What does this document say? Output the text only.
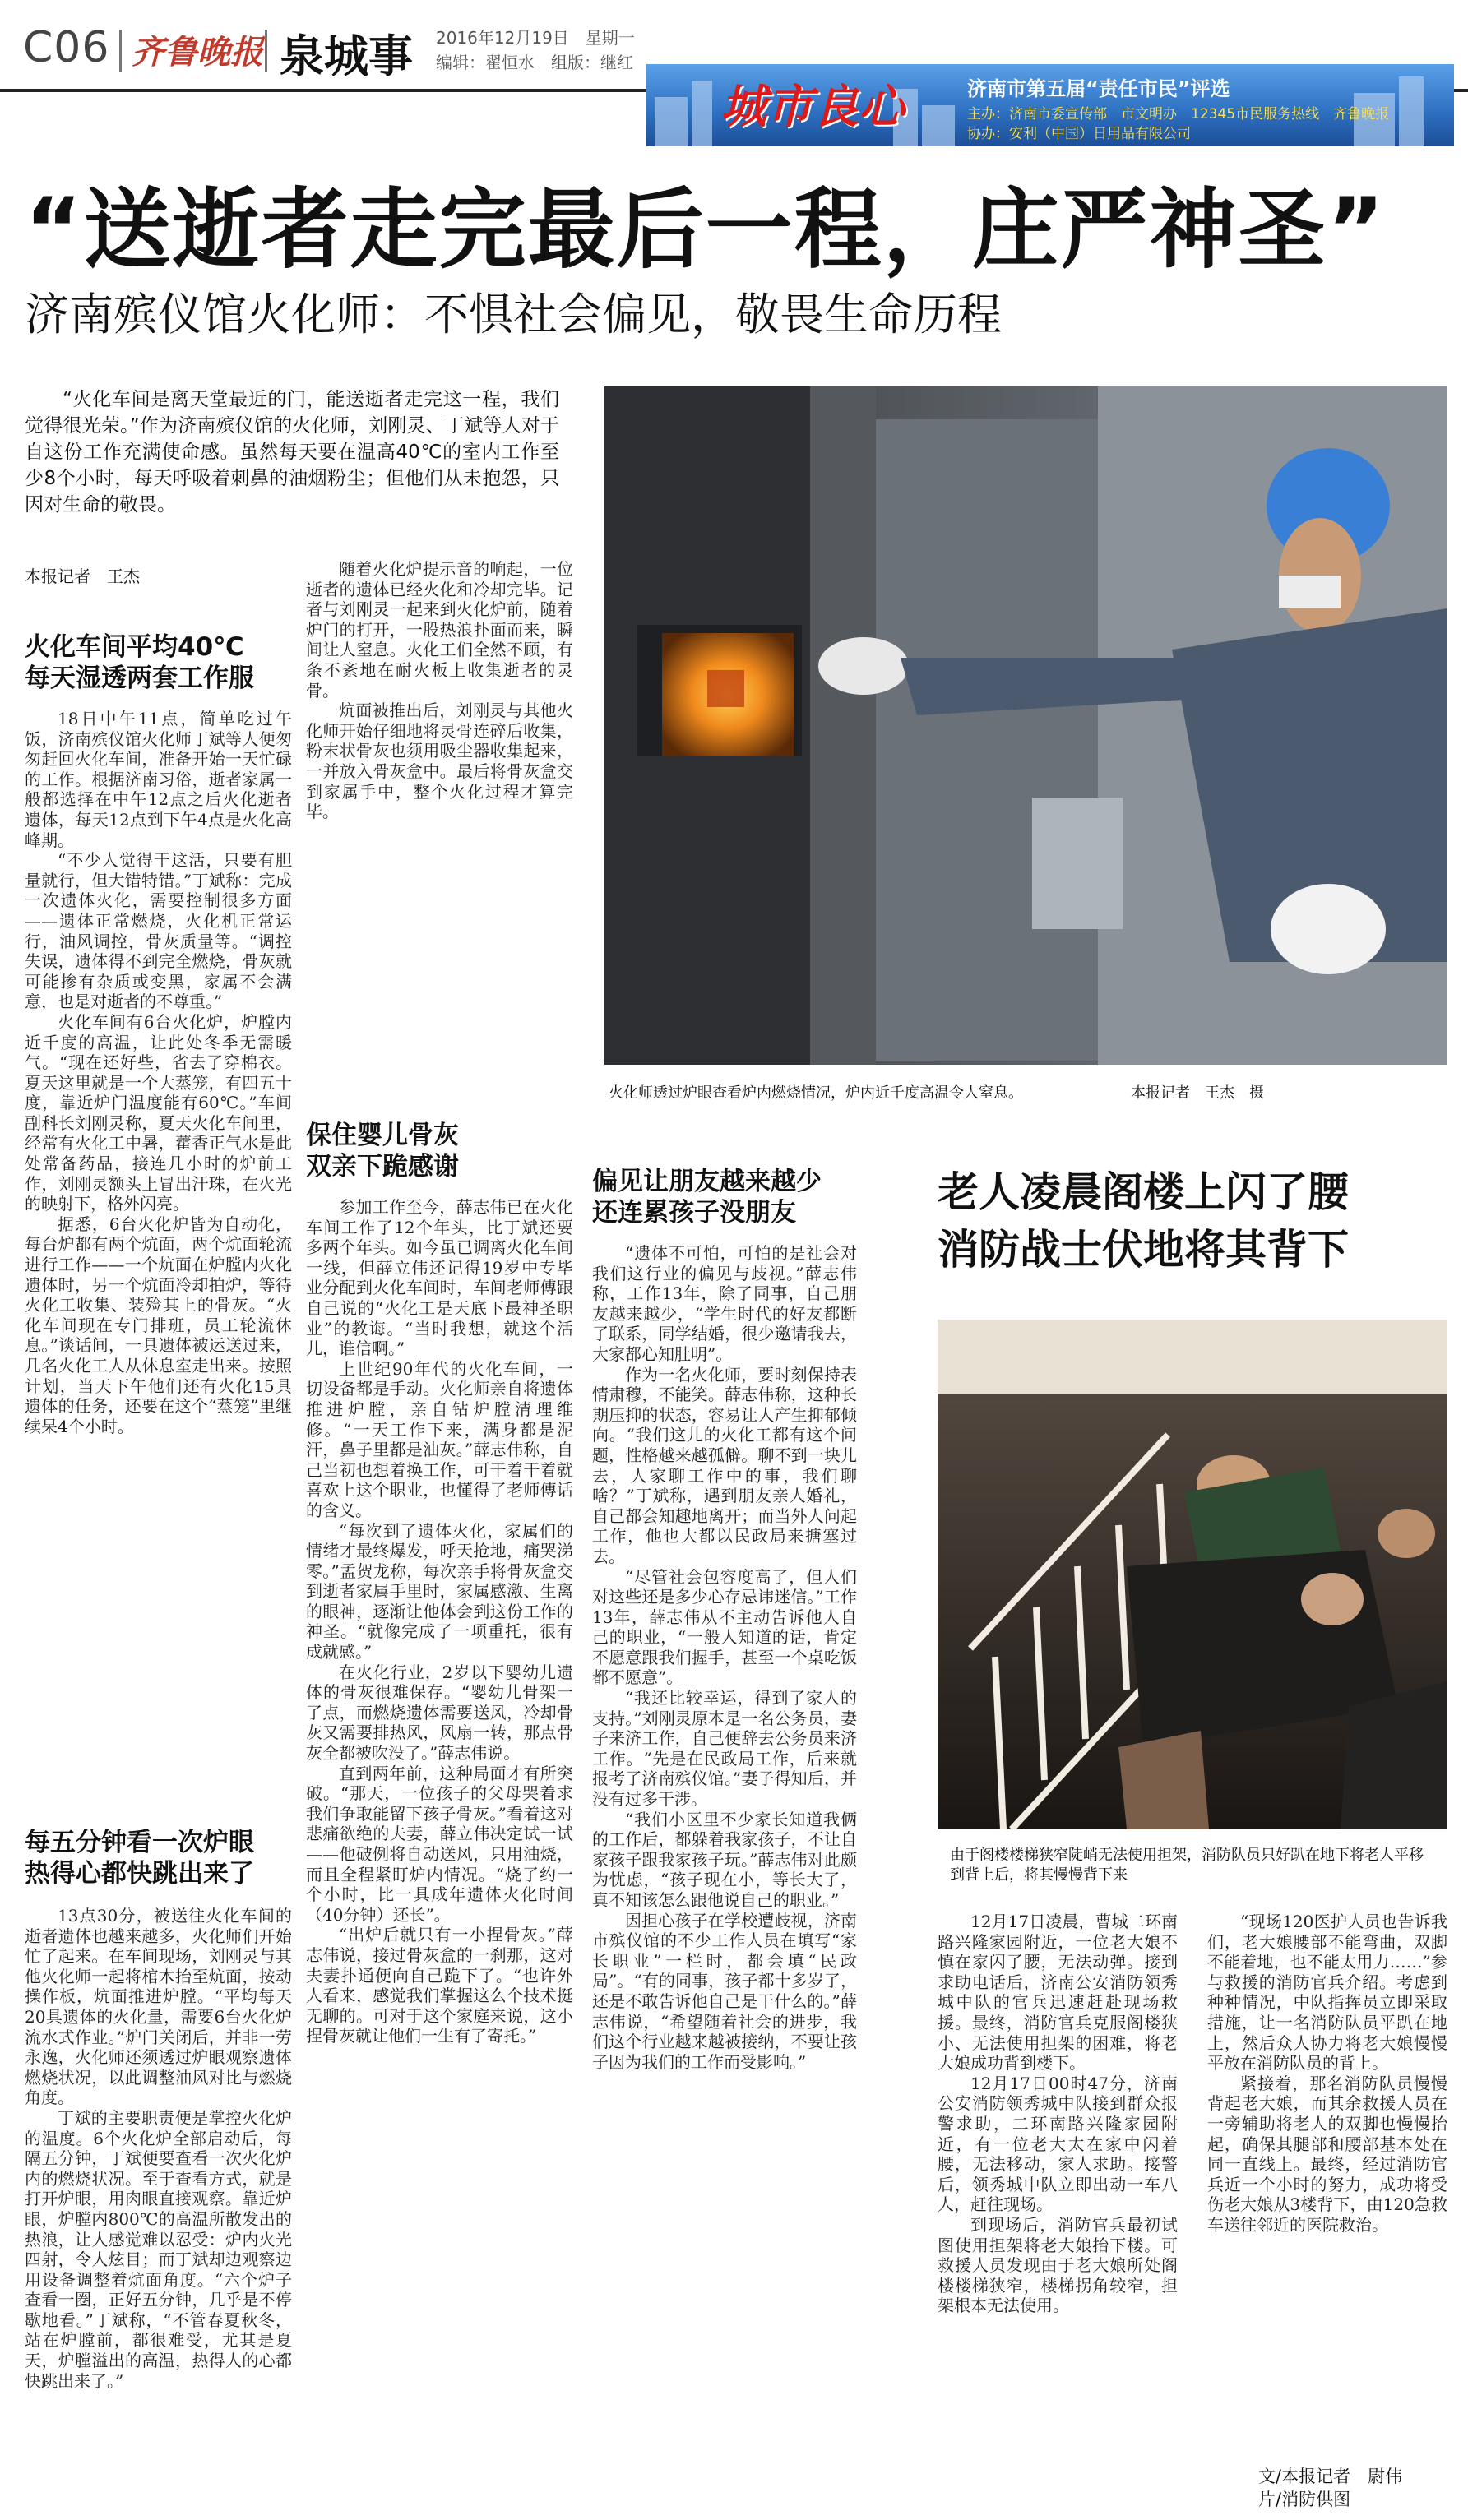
C06 齐鲁晚报 泉城事 2016年12月19日　星期一
编辑：翟恒水　组版：继红
城市良心	济南市第五届“责任市民”评选
主办：济南市委宣传部　市文明办　12345市民服务热线　齐鲁晚报
协办：安利（中国）日用品有限公司
“送逝者走完最后一程，庄严神圣”
济南殡仪馆火化师：不惧社会偏见，敬畏生命历程
“火化车间是离天堂最近的门，能送逝者走完这一程，我们觉得很光荣。”作为济南殡仪馆的火化师，刘刚灵、丁斌等人对于自这份工作充满使命感。虽然每天要在温高40℃的室内工作至少8个小时，每天呼吸着刺鼻的油烟粉尘；但他们从未抱怨，只因对生命的敬畏。
本报记者　王杰
火化师透过炉眼查看炉内燃烧情况，炉内近千度高温令人窒息。	本报记者　王杰　摄
火化车间平均40℃
每天湿透两套工作服

18日中午11点，简单吃过午饭，济南殡仪馆火化师丁斌等人便匆匆赶回火化车间，准备开始一天忙碌的工作。根据济南习俗，逝者家属一般都选择在中午12点之后火化逝者遗体，每天12点到下午4点是火化高峰期。

“不少人觉得干这活，只要有胆量就行，但大错特错。”丁斌称：完成一次遗体火化，需要控制很多方面——遗体正常燃烧，火化机正常运行，油风调控，骨灰质量等。“调控失误，遗体得不到完全燃烧，骨灰就可能掺有杂质或变黑，家属不会满意，也是对逝者的不尊重。”

火化车间有6台火化炉，炉膛内近千度的高温，让此处冬季无需暖气。“现在还好些，省去了穿棉衣。夏天这里就是一个大蒸笼，有四五十度，靠近炉门温度能有60℃。”车间副科长刘刚灵称，夏天火化车间里，经常有火化工中暑，藿香正气水是此处常备药品，接连几小时的炉前工作，刘刚灵额头上冒出汗珠，在火光的映射下，格外闪亮。

据悉，6台火化炉皆为自动化，每台炉都有两个炕面，两个炕面轮流进行工作——一个炕面在炉膛内火化遗体时，另一个炕面冷却拍炉，等待火化工收集、装殓其上的骨灰。“火化车间现在专门排班，员工轮流休息。”谈话间，一具遗体被运送过来，几名火化工人从休息室走出来。按照计划，当天下午他们还有火化15具遗体的任务，还要在这个“蒸笼”里继续呆4个小时。

每五分钟看一次炉眼
热得心都快跳出来了

13点30分，被送往火化车间的逝者遗体也越来越多，火化师们开始忙了起来。在车间现场，刘刚灵与其他火化师一起将棺木抬至炕面，按动操作板，炕面推进炉膛。“平均每天20具遗体的火化量，需要6台火化炉流水式作业。”炉门关闭后，并非一劳永逸，火化师还须透过炉眼观察遗体燃烧状况，以此调整油风对比与燃烧角度。

丁斌的主要职责便是掌控火化炉的温度。6个火化炉全部启动后，每隔五分钟，丁斌便要查看一次火化炉内的燃烧状况。至于查看方式，就是打开炉眼，用肉眼直接观察。靠近炉眼，炉膛内800℃的高温所散发出的热浪，让人感觉难以忍受：炉内火光四射，令人炫目；而丁斌却边观察边用设备调整着炕面角度。“六个炉子查看一圈，正好五分钟，几乎是不停歇地看。”丁斌称，“不管春夏秋冬，站在炉膛前，都很难受，尤其是夏天，炉膛溢出的高温，热得人的心都快跳出来了。”

随着火化炉提示音的响起，一位逝者的遗体已经火化和冷却完毕。记者与刘刚灵一起来到火化炉前，随着炉门的打开，一股热浪扑面而来，瞬间让人窒息。火化工们全然不顾，有条不紊地在耐火板上收集逝者的灵骨。

炕面被推出后，刘刚灵与其他火化师开始仔细地将灵骨连碎后收集，粉末状骨灰也须用吸尘器收集起来，一并放入骨灰盒中。最后将骨灰盒交到家属手中，整个火化过程才算完毕。

保住婴儿骨灰
双亲下跪感谢

参加工作至今，薛志伟已在火化车间工作了12个年头，比丁斌还要多两个年头。如今虽已调离火化车间一线，但薛立伟还记得19岁中专毕业分配到火化车间时，车间老师傅跟自己说的“火化工是天底下最神圣职业”的教诲。“当时我想，就这个活儿，谁信啊。”

上世纪90年代的火化车间，一切设备都是手动。火化师亲自将遗体推进炉膛，亲自钻炉膛清理维修。“一天工作下来，满身都是泥汗，鼻子里都是油灰。”薛志伟称，自己当初也想着换工作，可干着干着就喜欢上这个职业，也懂得了老师傅话的含义。

“每次到了遗体火化，家属们的情绪才最终爆发，呼天抢地，痛哭涕零。”孟贺龙称，每次亲手将骨灰盒交到逝者家属手里时，家属感激、生离的眼神，逐渐让他体会到这份工作的神圣。“就像完成了一项重托，很有成就感。”

在火化行业，2岁以下婴幼儿遗体的骨灰很难保存。“婴幼儿骨架一了点，而燃烧遗体需要送风，冷却骨灰又需要排热风，风扇一转，那点骨灰全都被吹没了。”薛志伟说。

直到两年前，这种局面才有所突破。“那天，一位孩子的父母哭着求我们争取能留下孩子骨灰。”看着这对悲痛欲绝的夫妻，薛立伟决定试一试——他破例将自动送风，只用油烧，而且全程紧盯炉内情况。“烧了约一个小时，比一具成年遗体火化时间（40分钟）还长”。

“出炉后就只有一小捏骨灰。”薛志伟说，接过骨灰盒的一刹那，这对夫妻扑通便向自己跪下了。“也许外人看来，感觉我们掌握这么个技术挺无聊的。可对于这个家庭来说，这小捏骨灰就让他们一生有了寄托。”

偏见让朋友越来越少
还连累孩子没朋友

“遗体不可怕，可怕的是社会对我们这行业的偏见与歧视。”薛志伟称，工作13年，除了同事，自己朋友越来越少，“学生时代的好友都断了联系，同学结婚，很少邀请我去，大家都心知肚明”。

作为一名火化师，要时刻保持表情肃穆，不能笑。薛志伟称，这种长期压抑的状态，容易让人产生抑郁倾向。“我们这儿的火化工都有这个问题，性格越来越孤僻。聊不到一块儿去，人家聊工作中的事，我们聊啥？”丁斌称，遇到朋友亲人婚礼，自己都会知趣地离开；而当外人问起工作，他也大都以民政局来搪塞过去。

“尽管社会包容度高了，但人们对这些还是多少心存忌讳迷信。”工作13年，薛志伟从不主动告诉他人自己的职业，“一般人知道的话，肯定不愿意跟我们握手，甚至一个桌吃饭都不愿意”。

“我还比较幸运，得到了家人的支持。”刘刚灵原本是一名公务员，妻子来济工作，自己便辞去公务员来济工作。“先是在民政局工作，后来就报考了济南殡仪馆。”妻子得知后，并没有过多干涉。

“我们小区里不少家长知道我俩的工作后，都躲着我家孩子，不让自家孩子跟我家孩子玩。”薛志伟对此颇为忧虑，“孩子现在小，等长大了，真不知该怎么跟他说自己的职业。”

因担心孩子在学校遭歧视，济南市殡仪馆的不少工作人员在填写“家长职业”一栏时，都会填“民政局”。“有的同事，孩子都十多岁了，还是不敢告诉他自己是干什么的。”薛志伟说，“希望随着社会的进步，我们这个行业越来越被接纳，不要让孩子因为我们的工作而受影响。”

老人凌晨阁楼上闪了腰
消防战士伏地将其背下
由于阁楼楼梯狭窄陡峭无法使用担架，消防队员只好趴在地下将老人平移到背上后，将其慢慢背下来

12月17日凌晨，曹城二环南路兴隆家园附近，一位老大娘不慎在家闪了腰，无法动弹。接到求助电话后，济南公安消防领秀城中队的官兵迅速赶赴现场救援。最终，消防官兵克服阁楼狭小、无法使用担架的困难，将老大娘成功背到楼下。

12月17日00时47分，济南公安消防领秀城中队接到群众报警求助，二环南路兴隆家园附近，有一位老大太在家中闪着腰，无法移动，家人求助。接警后，领秀城中队立即出动一车八人，赶往现场。

到现场后，消防官兵最初试图使用担架将老大娘抬下楼。可救援人员发现由于老大娘所处阁楼楼梯狭窄，楼梯拐角较窄，担架根本无法使用。

“现场120医护人员也告诉我们，老大娘腰部不能弯曲，双脚不能着地，也不能太用力……”参与救援的消防官兵介绍。考虑到种种情况，中队指挥员立即采取措施，让一名消防队员平趴在地上，然后众人协力将老大娘慢慢平放在消防队员的背上。

紧接着，那名消防队员慢慢背起老大娘，而其余救援人员在一旁辅助将老人的双脚也慢慢抬起，确保其腿部和腰部基本处在同一直线上。最终，经过消防官兵近一个小时的努力，成功将受伤老大娘从3楼背下，由120急救车送往邻近的医院救治。

文/本报记者　尉伟
片/消防供图
